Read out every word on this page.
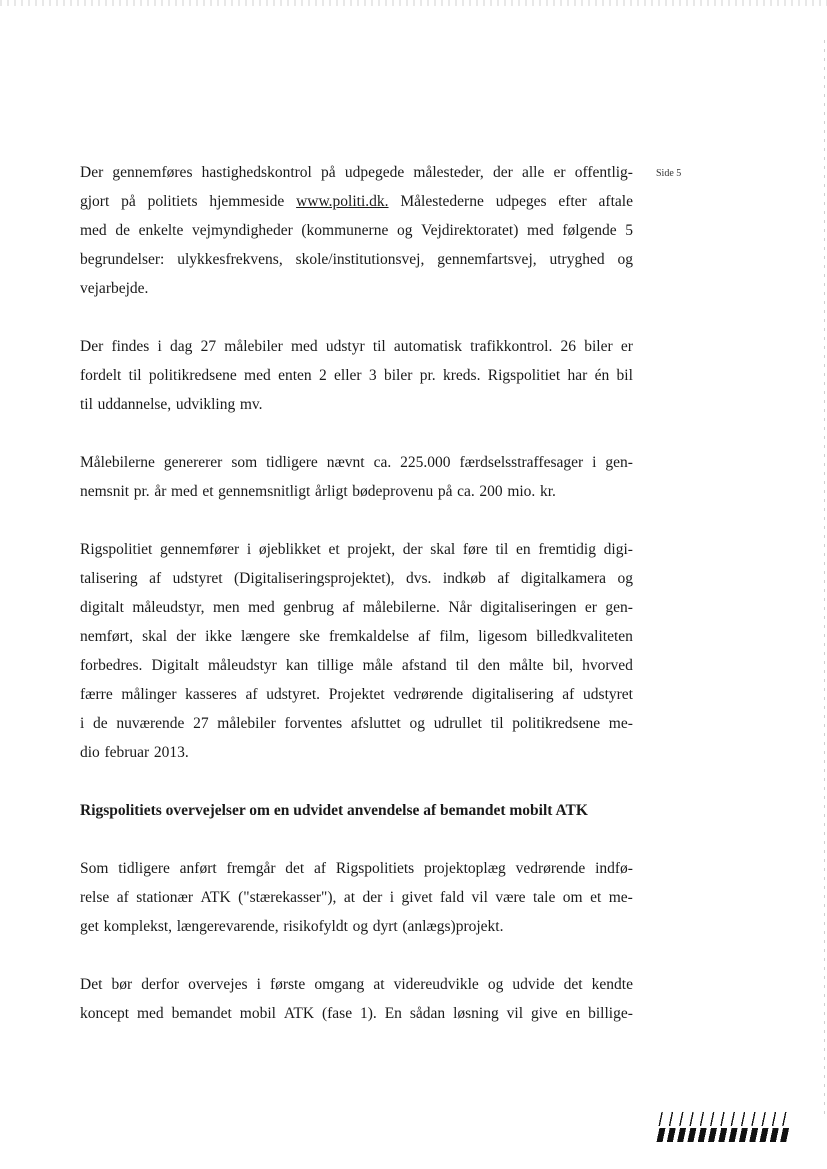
Side 5
Der gennemføres hastighedskontrol på udpegede målesteder, der alle er offentlig-
gjort på politiets hjemmeside www.politi.dk. Målestederne udpeges efter aftale
med de enkelte vejmyndigheder (kommunerne og Vejdirektoratet) med følgende 5
begrundelser: ulykkesfrekvens, skole/institutionsvej, gennemfartsvej, utryghed og
vejarbejde.
Der findes i dag 27 målebiler med udstyr til automatisk trafikkontrol. 26 biler er
fordelt til politikredsene med enten 2 eller 3 biler pr. kreds. Rigspolitiet har én bil
til uddannelse, udvikling mv.
Målebilerne genererer som tidligere nævnt ca. 225.000 færdselsstraffesager i gen-
nemsnit pr. år med et gennemsnitligt årligt bødeprovenu på ca. 200 mio. kr.
Rigspolitiet gennemfører i øjeblikket et projekt, der skal føre til en fremtidig digi-
talisering af udstyret (Digitaliseringsprojektet), dvs. indkøb af digitalkamera og
digitalt måleudstyr, men med genbrug af målebilerne. Når digitaliseringen er gen-
nemført, skal der ikke længere ske fremkaldelse af film, ligesom billedkvaliteten
forbedres. Digitalt måleudstyr kan tillige måle afstand til den målte bil, hvorved
færre målinger kasseres af udstyret. Projektet vedrørende digitalisering af udstyret
i de nuværende 27 målebiler forventes afsluttet og udrullet til politikredsene me-
dio februar 2013.
Rigspolitiets overvejelser om en udvidet anvendelse af bemandet mobilt ATK
Som tidligere anført fremgår det af Rigspolitiets projektoplæg vedrørende indfø-
relse af stationær ATK ("stærekasser"), at der i givet fald vil være tale om et me-
get komplekst, længerevarende, risikofyldt og dyrt (anlægs)projekt.
Det bør derfor overvejes i første omgang at videreudvikle og udvide det kendte
koncept med bemandet mobil ATK (fase 1). En sådan løsning vil give en billige-
